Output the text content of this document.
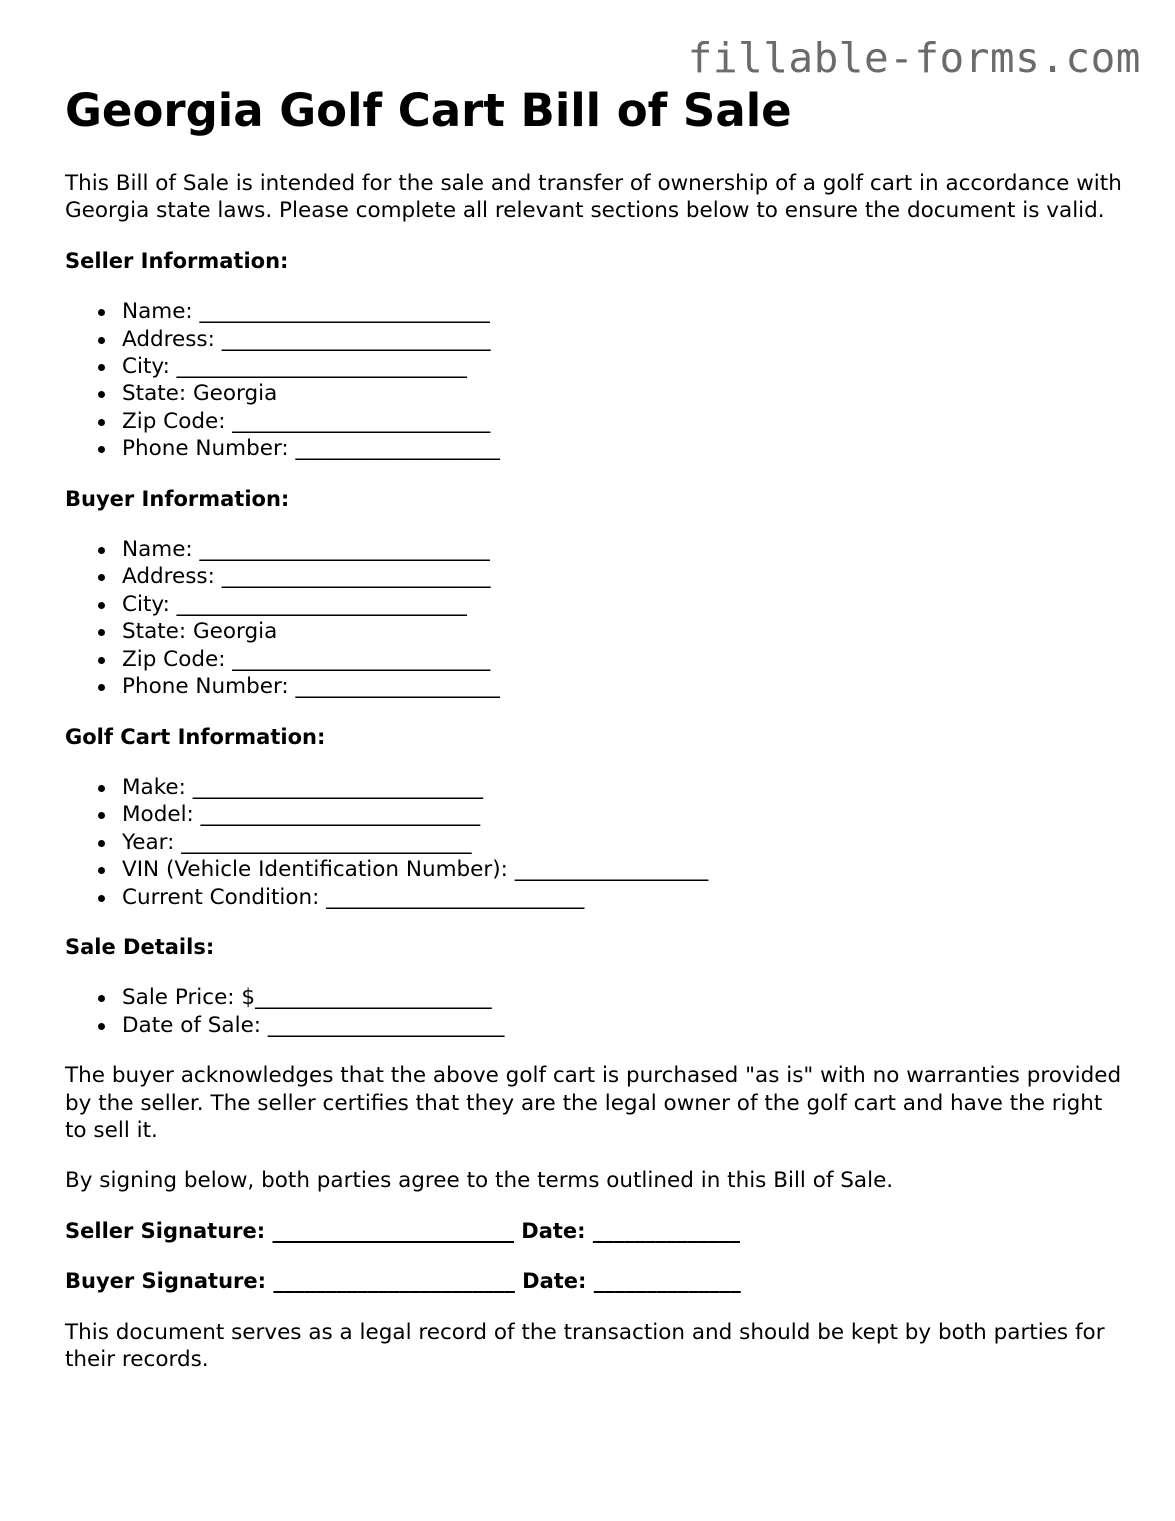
fillable-forms.com
Georgia Golf Cart Bill of Sale

This Bill of Sale is intended for the sale and transfer of ownership of a golf cart in accordance with Georgia state laws. Please complete all relevant sections below to ensure the document is valid.

Seller Information:
Name: ___________________________
Address: _________________________
City: ___________________________
State: Georgia
Zip Code: ________________________
Phone Number: ___________________
Buyer Information:
Name: ___________________________
Address: _________________________
City: ___________________________
State: Georgia
Zip Code: ________________________
Phone Number: ___________________
Golf Cart Information:
Make: ___________________________
Model: __________________________
Year: ___________________________
VIN (Vehicle Identification Number): __________________
Current Condition: ________________________
Sale Details:
Sale Price: $______________________
Date of Sale: ______________________

The buyer acknowledges that the above golf cart is purchased "as is" with no warranties provided by the seller. The seller certifies that they are the legal owner of the golf cart and have the right to sell it.

By signing below, both parties agree to the terms outlined in this Bill of Sale.

Seller Signature: _______________________ Date: ______________
Buyer Signature: _______________________ Date: ______________

This document serves as a legal record of the transaction and should be kept by both parties for their records.
